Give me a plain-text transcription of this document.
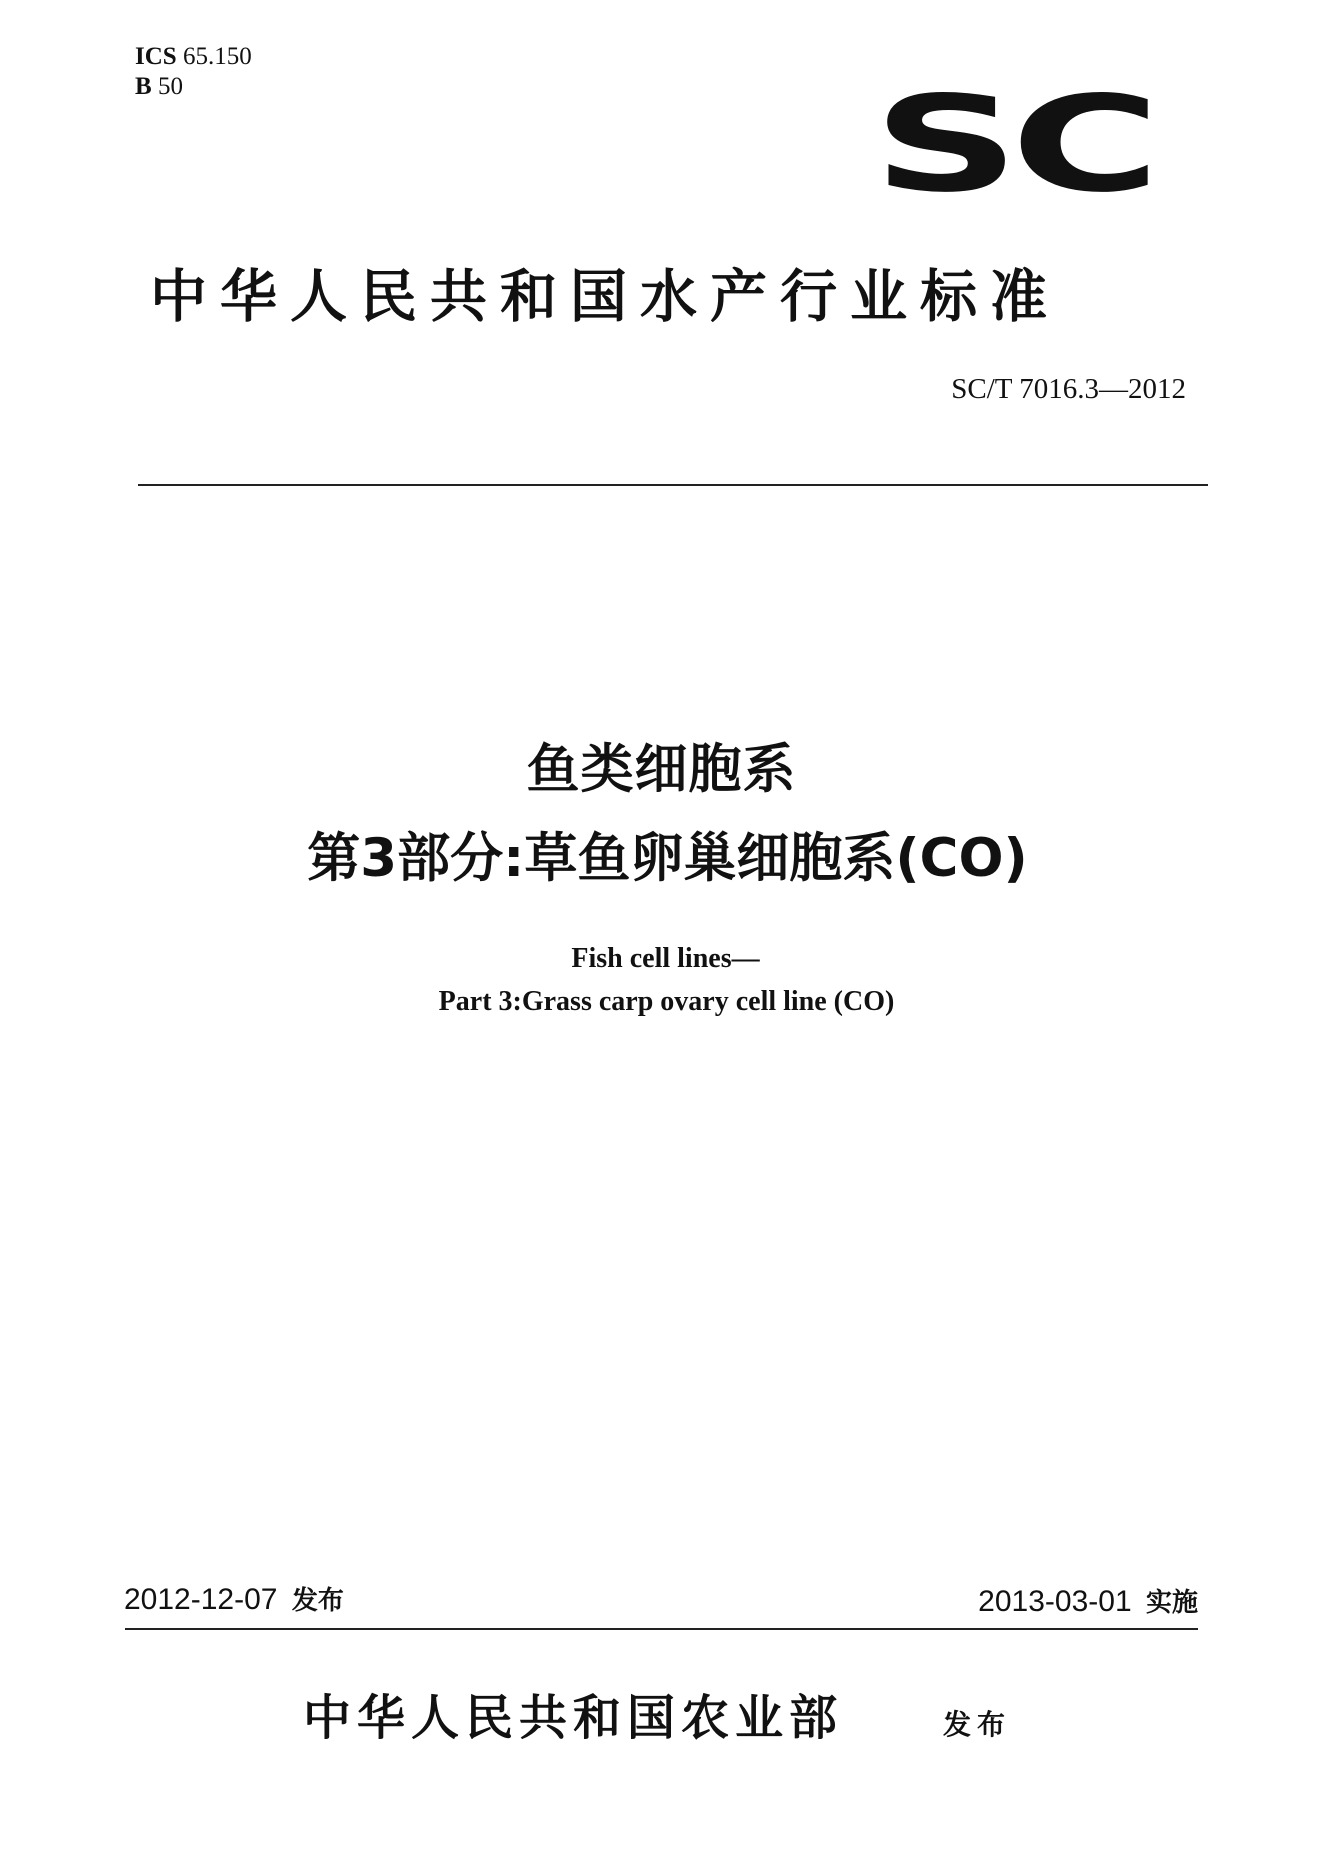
ICS 65.150
B 50	SC
中华人民共和国水产行业标准
SC/T 7016.3—2012
鱼类细胞系
第3部分:草鱼卵巢细胞系(CO)
Fish cell lines—
Part 3:Grass carp ovary cell line (CO)
2012-12-07 发布	2013-03-01 实施
中华人民共和国农业部	发布
